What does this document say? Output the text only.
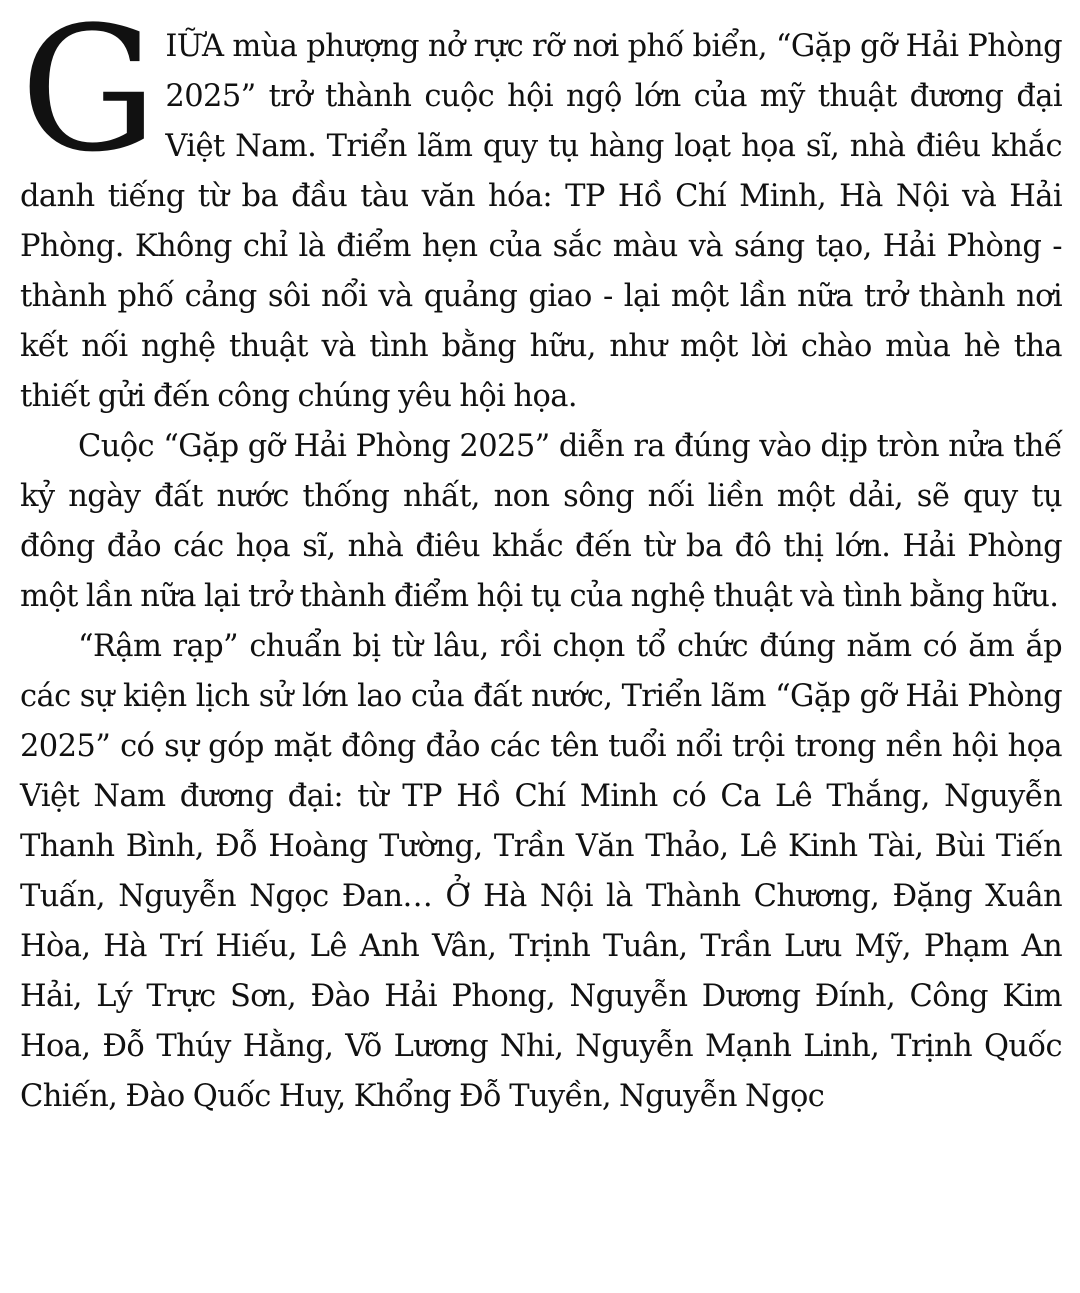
GIỮA mùa phượng nở rực rỡ nơi phố biển, “Gặp gỡ Hải Phòng 2025” trở thành cuộc hội ngộ lớn của mỹ thuật đương đại Việt Nam. Triển lãm quy tụ hàng loạt họa sĩ, nhà điêu khắc danh tiếng từ ba đầu tàu văn hóa: TP Hồ Chí Minh, Hà Nội và Hải Phòng. Không chỉ là điểm hẹn của sắc màu và sáng tạo, Hải Phòng - thành phố cảng sôi nổi và quảng giao - lại một lần nữa trở thành nơi kết nối nghệ thuật và tình bằng hữu, như một lời chào mùa hè tha thiết gửi đến công chúng yêu hội họa.

Cuộc “Gặp gỡ Hải Phòng 2025” diễn ra đúng vào dịp tròn nửa thế kỷ ngày đất nước thống nhất, non sông nối liền một dải, sẽ quy tụ đông đảo các họa sĩ, nhà điêu khắc đến từ ba đô thị lớn. Hải Phòng một lần nữa lại trở thành điểm hội tụ của nghệ thuật và tình bằng hữu.

“Rậm rạp” chuẩn bị từ lâu, rồi chọn tổ chức đúng năm có ăm ắp các sự kiện lịch sử lớn lao của đất nước, Triển lãm “Gặp gỡ Hải Phòng 2025” có sự góp mặt đông đảo các tên tuổi nổi trội trong nền hội họa Việt Nam đương đại: từ TP Hồ Chí Minh có Ca Lê Thắng, Nguyễn Thanh Bình, Đỗ Hoàng Tường, Trần Văn Thảo, Lê Kinh Tài, Bùi Tiến Tuấn, Nguyễn Ngọc Đan… Ở Hà Nội là Thành Chương, Đặng Xuân Hòa, Hà Trí Hiếu, Lê Anh Vân, Trịnh Tuân, Trần Lưu Mỹ, Phạm An Hải, Lý Trực Sơn, Đào Hải Phong, Nguyễn Dương Đính, Công Kim Hoa, Đỗ Thúy Hằng, Võ Lương Nhi, Nguyễn Mạnh Linh, Trịnh Quốc Chiến, Đào Quốc Huy, Khổng Đỗ Tuyền, Nguyễn Ngọc
